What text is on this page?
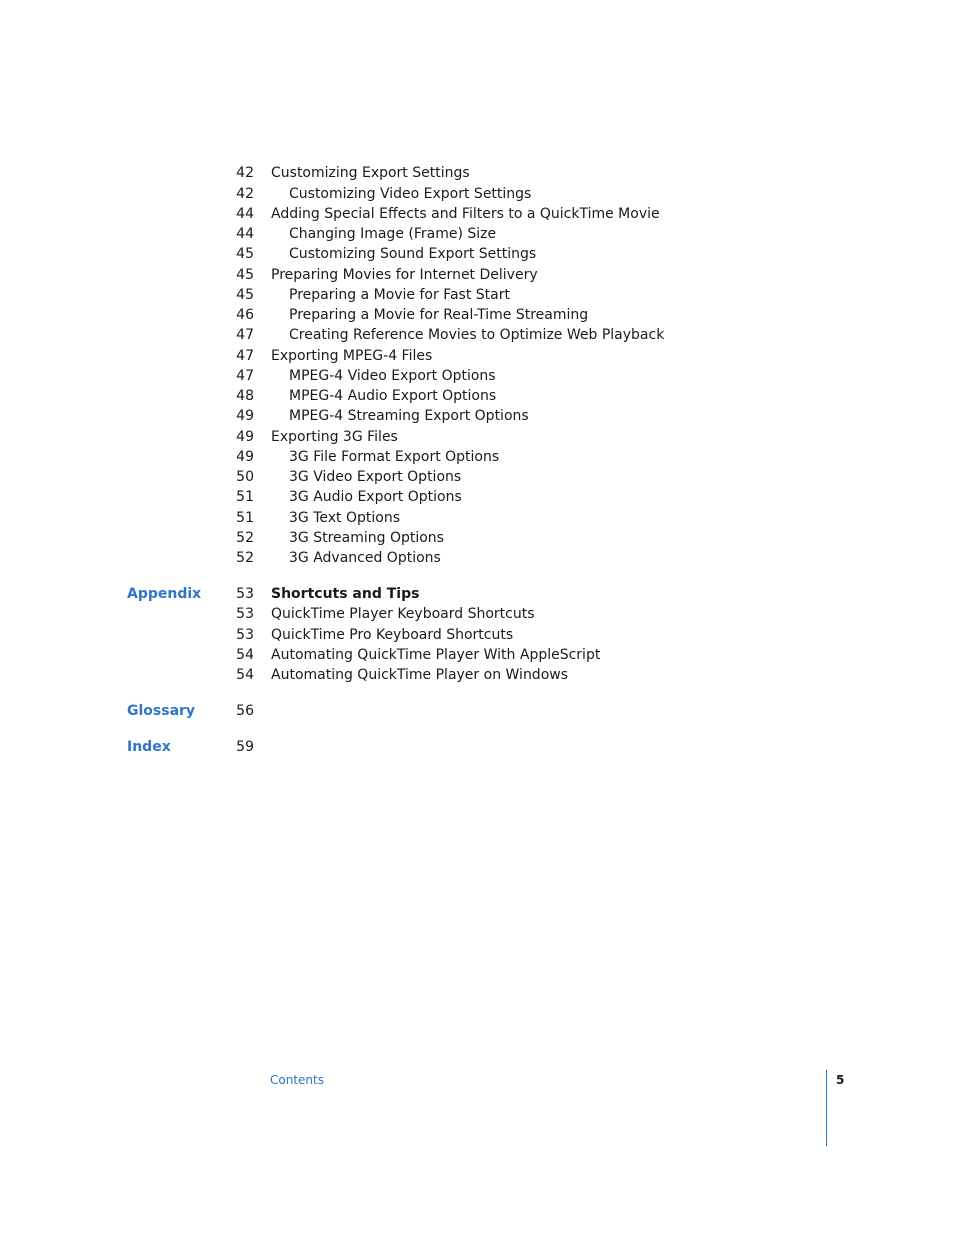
42 Customizing Export Settings
42	Customizing Video Export Settings
44 Adding Special Effects and Filters to a QuickTime Movie
44	Changing Image (Frame) Size
45	Customizing Sound Export Settings
45 Preparing Movies for Internet Delivery
45	Preparing a Movie for Fast Start
46	Preparing a Movie for Real-Time Streaming
47	Creating Reference Movies to Optimize Web Playback
47 Exporting MPEG-4 Files
47	MPEG-4 Video Export Options
48	MPEG-4 Audio Export Options
49	MPEG-4 Streaming Export Options
49 Exporting 3G Files
49	3G File Format Export Options
50	3G Video Export Options
51	3G Audio Export Options
51	3G Text Options
52	3G Streaming Options
52	3G Advanced Options
Appendix 53 Shortcuts and Tips
53 QuickTime Player Keyboard Shortcuts
53 QuickTime Pro Keyboard Shortcuts
54 Automating QuickTime Player With AppleScript
54 Automating QuickTime Player on Windows
Glossary	56
Index	59
Contents	5
